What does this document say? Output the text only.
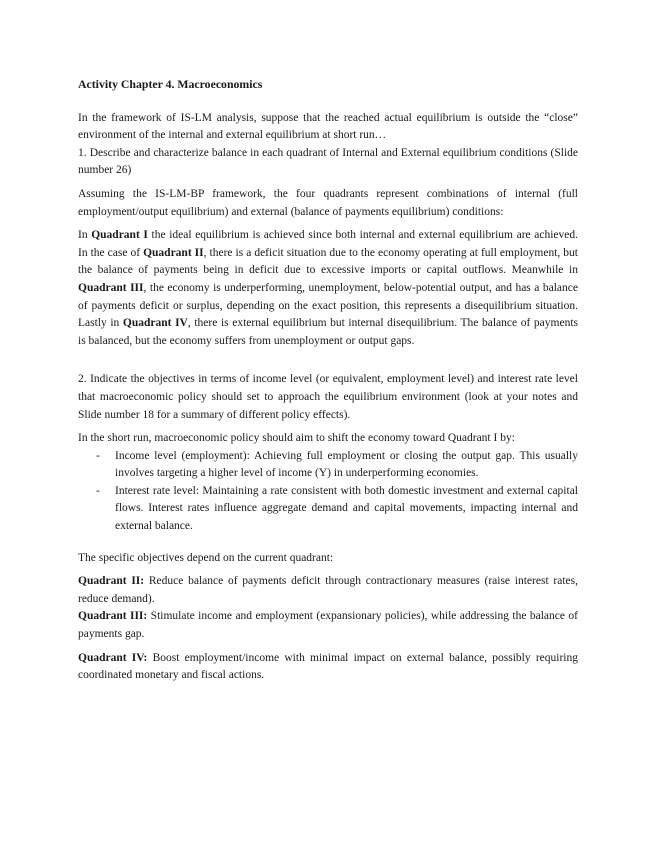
Activity Chapter 4. Macroeconomics

In the framework of IS-LM analysis, suppose that the reached actual equilibrium is outside the “close” environment of the internal and external equilibrium at short run…

1. Describe and characterize balance in each quadrant of Internal and External equilibrium conditions (Slide number 26)

Assuming the IS-LM-BP framework, the four quadrants represent combinations of internal (full employment/output equilibrium) and external (balance of payments equilibrium) conditions:

In Quadrant I the ideal equilibrium is achieved since both internal and external equilibrium are achieved. In the case of Quadrant II, there is a deficit situation due to the economy operating at full employment, but the balance of payments being in deficit due to excessive imports or capital outflows. Meanwhile in Quadrant III, the economy is underperforming, unemployment, below-potential output, and has a balance of payments deficit or surplus, depending on the exact position, this represents a disequilibrium situation. Lastly in Quadrant IV, there is external equilibrium but internal disequilibrium. The balance of payments is balanced, but the economy suffers from unemployment or output gaps.

2. Indicate the objectives in terms of income level (or equivalent, employment level) and interest rate level that macroeconomic policy should set to approach the equilibrium environment (look at your notes and Slide number 18 for a summary of different policy effects).

In the short run, macroeconomic policy should aim to shift the economy toward Quadrant I by:

- Income level (employment): Achieving full employment or closing the output gap. This usually involves targeting a higher level of income (Y) in underperforming economies.
- Interest rate level: Maintaining a rate consistent with both domestic investment and external capital flows. Interest rates influence aggregate demand and capital movements, impacting internal and external balance.

The specific objectives depend on the current quadrant:

Quadrant II: Reduce balance of payments deficit through contractionary measures (raise interest rates, reduce demand).

Quadrant III: Stimulate income and employment (expansionary policies), while addressing the balance of payments gap.

Quadrant IV: Boost employment/income with minimal impact on external balance, possibly requiring coordinated monetary and fiscal actions.
